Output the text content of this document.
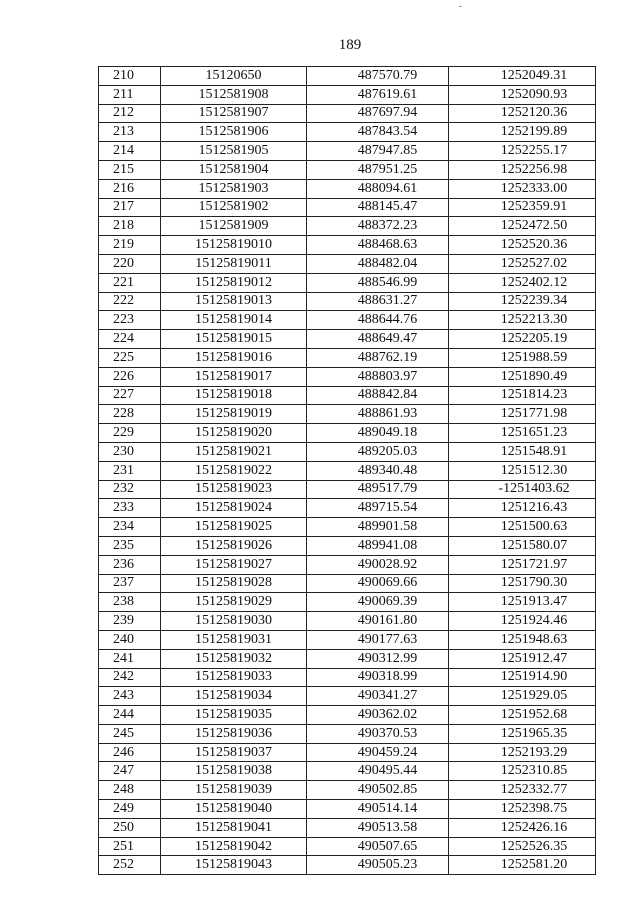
189
210	15120650	487570.79	1252049.31
211	1512581908	487619.61	1252090.93
212	1512581907	487697.94	1252120.36
213	1512581906	487843.54	1252199.89
214	1512581905	487947.85	1252255.17
215	1512581904	487951.25	1252256.98
216	1512581903	488094.61	1252333.00
217	1512581902	488145.47	1252359.91
218	1512581909	488372.23	1252472.50
219	15125819010	488468.63	1252520.36
220	15125819011	488482.04	1252527.02
221	15125819012	488546.99	1252402.12
222	15125819013	488631.27	1252239.34
223	15125819014	488644.76	1252213.30
224	15125819015	488649.47	1252205.19
225	15125819016	488762.19	1251988.59
226	15125819017	488803.97	1251890.49
227	15125819018	488842.84	1251814.23
228	15125819019	488861.93	1251771.98
229	15125819020	489049.18	1251651.23
230	15125819021	489205.03	1251548.91
231	15125819022	489340.48	1251512.30
232	15125819023	489517.79	-1251403.62
233	15125819024	489715.54	1251216.43
234	15125819025	489901.58	1251500.63
235	15125819026	489941.08	1251580.07
236	15125819027	490028.92	1251721.97
237	15125819028	490069.66	1251790.30
238	15125819029	490069.39	1251913.47
239	15125819030	490161.80	1251924.46
240	15125819031	490177.63	1251948.63
241	15125819032	490312.99	1251912.47
242	15125819033	490318.99	1251914.90
243	15125819034	490341.27	1251929.05
244	15125819035	490362.02	1251952.68
245	15125819036	490370.53	1251965.35
246	15125819037	490459.24	1252193.29
247	15125819038	490495.44	1252310.85
248	15125819039	490502.85	1252332.77
249	15125819040	490514.14	1252398.75
250	15125819041	490513.58	1252426.16
251	15125819042	490507.65	1252526.35
252	15125819043	490505.23	1252581.20
